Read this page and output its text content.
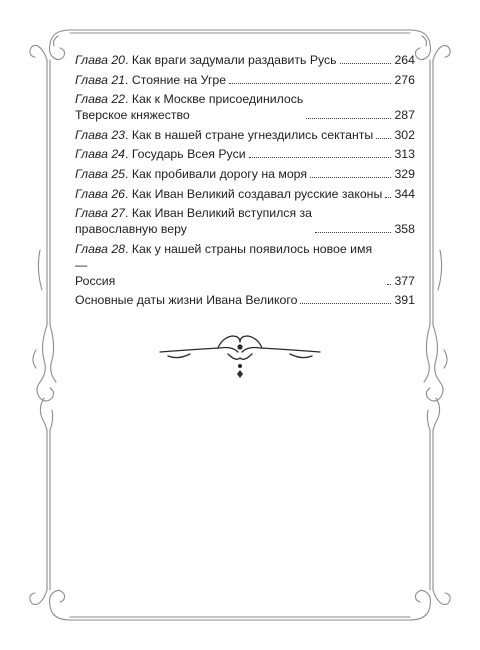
Глава 20. Как враги задумали раздавить Русь	264
Глава 21. Стояние на Угре	276
Глава 22. Как к Москве присоединилось
Тверское княжество	287
Глава 23. Как в нашей стране угнездились сектанты 302
Глава 24. Государь Всея Руси	313
Глава 25. Как пробивали дорогу на моря	329
Глава 26. Как Иван Великий создавал русские законы 344
Глава 27. Как Иван Великий вступился за
православную веру	358
Глава 28. Как у нашей страны появилось новое имя —
Россия	377
Основные даты жизни Ивана Великого	391
